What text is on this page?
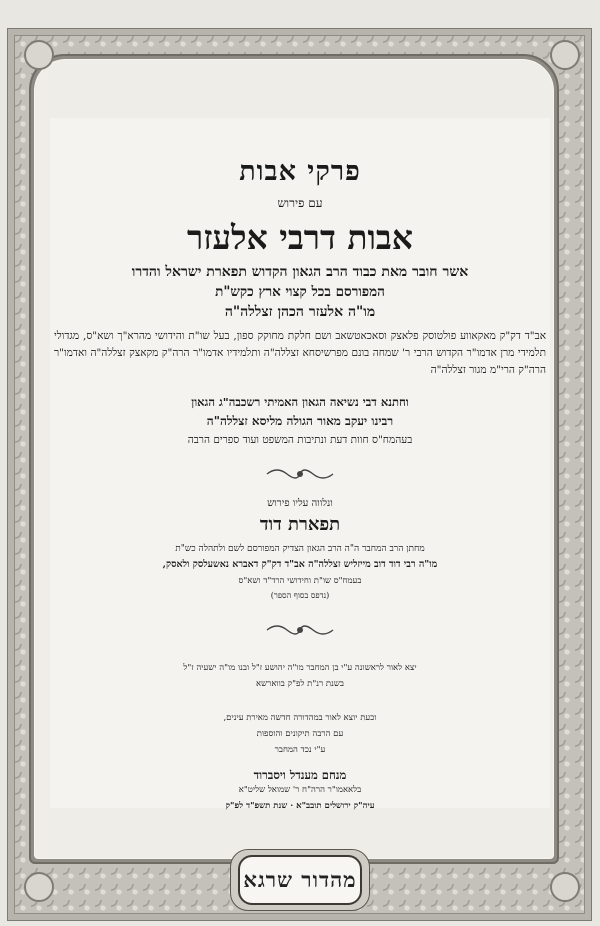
פרקי אבות
עם פירוש
אבות דרבי אלעזר
אשר חובר מאת כבוד הרב הגאון הקדוש תפארת ישראל והדרו
המפורסם בכל קצוי ארץ כקש"ת
מו"ה אלעזר הכהן זצללה"ה
אב"ד דק"ק מאקאווע פולטוסק פלאצק וסאכאטשאב ושם חלקת מחוקק ספון, בעל שו"ת והידושי מהרא"ך ושא"ס, מגדולי תלמידי מרן אדמו"ר הקדוש הרבי ר' שמחה בונם מפרשיסחא זצללה"ה ותלמידיו אדמו"ר הרה"ק מקאצק זצללה"ה ואדמו"ר הרה"ק הרי"מ מגור זצללה"ה
וחתנא דבי נשיאה הגאון האמיתי רשכבה"ג הגאון
רבינו יעקב מאור הגולה מליסא זצללה"ה
בעהמח"ס חוות דעת ונתיבות המשפט ועוד ספרים הרבה
ונלווה עליו פירוש
תפארת דוד
מחתן הרב המחבר ה"ה הרב הגאון הצדיק המפורסם לשם ולתהלה כש"ת
מו"ה רבי דוד דוב מייזליש זצללה"ה אב"ד דק"ק דאברא נאשעלסק ולאסק,
בעמח"ס שו"ת וחידושי הרד"ד ושא"ס
(נדפס בסוף הספר)
יצא לאור לראשונה ע"י בן המחבר מו"ה יהושע ז"ל ובנו מו"ה ישעיה ז"ל
בשנת רנ"ת לפ"ק בווארשא
וכעת יוצא לאור במהדורה חדשה מאירת עינים,
עם הרבה תיקונים והוספות
ע"י נכד המחבר
מנחם מענדל ויסברוד
בלאאמו"ר הרה"ח ר' שמואל שליט"א
עיה"ק ירושלים תובב"א · שנת תשפ"ד לפ"ק
מהדור שרגא
